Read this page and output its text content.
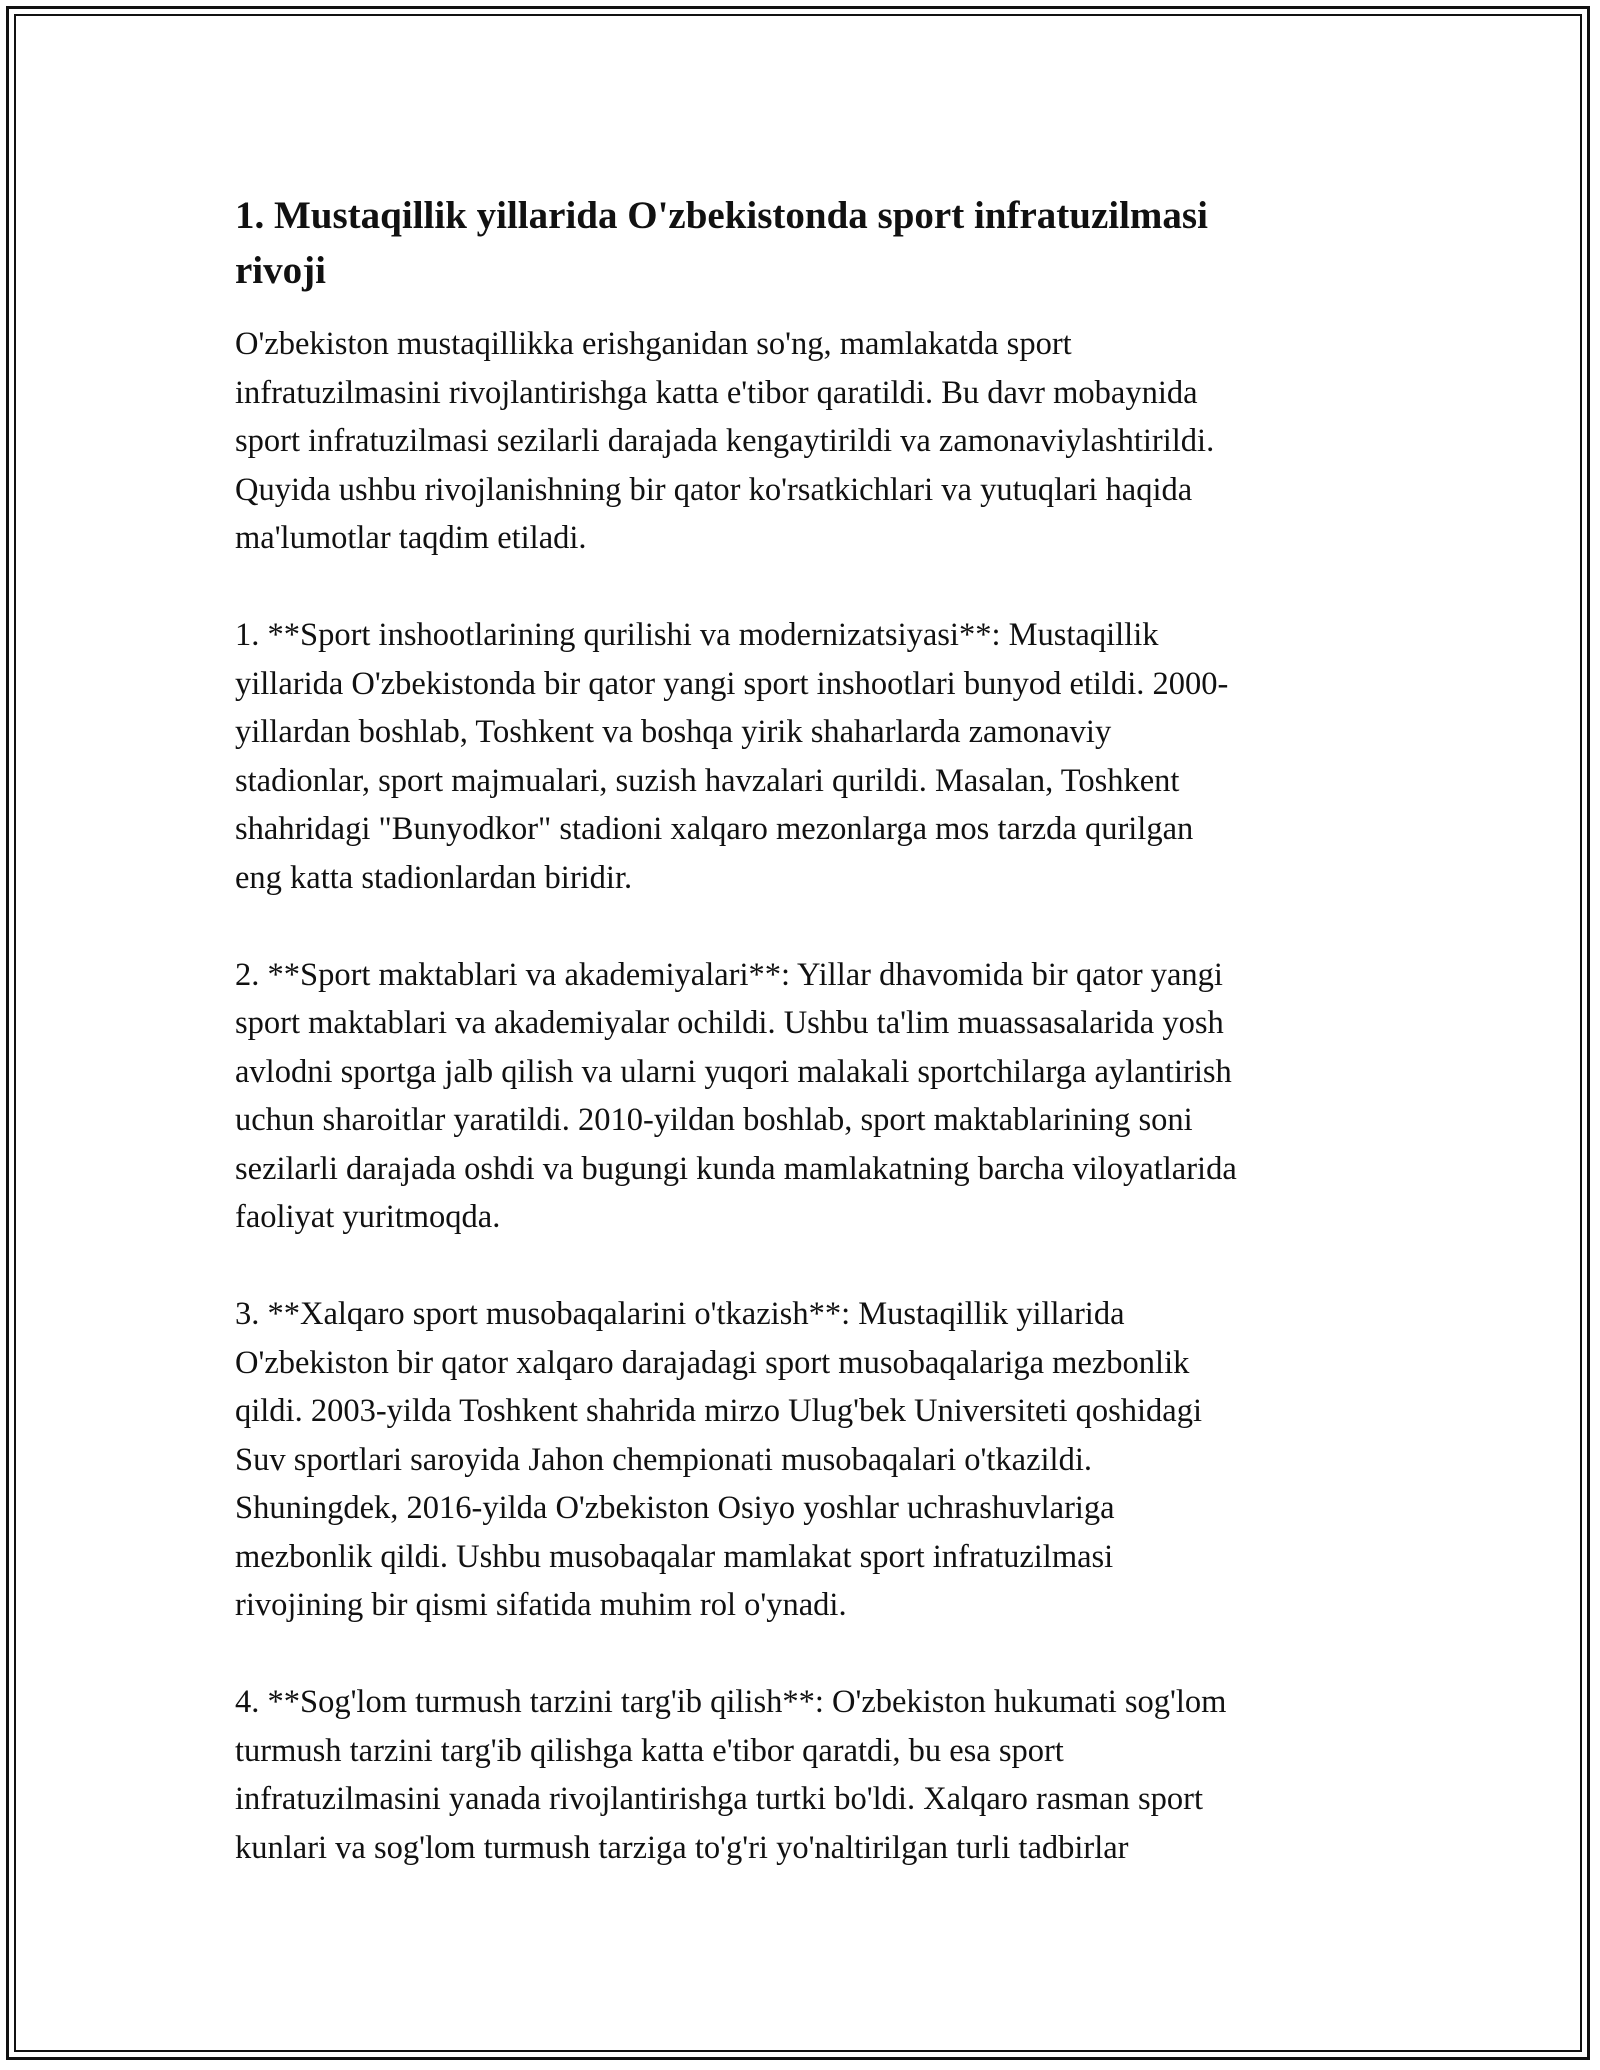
1. Mustaqillik yillarida O'zbekistonda sport infratuzilmasi
rivoji

O'zbekiston mustaqillikka erishganidan so'ng, mamlakatda sport
infratuzilmasini rivojlantirishga katta e'tibor qaratildi. Bu davr mobaynida
sport infratuzilmasi sezilarli darajada kengaytirildi va zamonaviylashtirildi.
Quyida ushbu rivojlanishning bir qator ko'rsatkichlari va yutuqlari haqida
ma'lumotlar taqdim etiladi.

1. **Sport inshootlarining qurilishi va modernizatsiyasi**: Mustaqillik
yillarida O'zbekistonda bir qator yangi sport inshootlari bunyod etildi. 2000-
yillardan boshlab, Toshkent va boshqa yirik shaharlarda zamonaviy
stadionlar, sport majmualari, suzish havzalari qurildi. Masalan, Toshkent
shahridagi "Bunyodkor" stadioni xalqaro mezonlarga mos tarzda qurilgan
eng katta stadionlardan biridir.

2. **Sport maktablari va akademiyalari**: Yillar dhavomida bir qator yangi
sport maktablari va akademiyalar ochildi. Ushbu ta'lim muassasalarida yosh
avlodni sportga jalb qilish va ularni yuqori malakali sportchilarga aylantirish
uchun sharoitlar yaratildi. 2010-yildan boshlab, sport maktablarining soni
sezilarli darajada oshdi va bugungi kunda mamlakatning barcha viloyatlarida
faoliyat yuritmoqda.

3. **Xalqaro sport musobaqalarini o'tkazish**: Mustaqillik yillarida
O'zbekiston bir qator xalqaro darajadagi sport musobaqalariga mezbonlik
qildi. 2003-yilda Toshkent shahrida mirzo Ulug'bek Universiteti qoshidagi
Suv sportlari saroyida Jahon chempionati musobaqalari o'tkazildi.
Shuningdek, 2016-yilda O'zbekiston Osiyo yoshlar uchrashuvlariga
mezbonlik qildi. Ushbu musobaqalar mamlakat sport infratuzilmasi
rivojining bir qismi sifatida muhim rol o'ynadi.

4. **Sog'lom turmush tarzini targ'ib qilish**: O'zbekiston hukumati sog'lom
turmush tarzini targ'ib qilishga katta e'tibor qaratdi, bu esa sport
infratuzilmasini yanada rivojlantirishga turtki bo'ldi. Xalqaro rasman sport
kunlari va sog'lom turmush tarziga to'g'ri yo'naltirilgan turli tadbirlar
